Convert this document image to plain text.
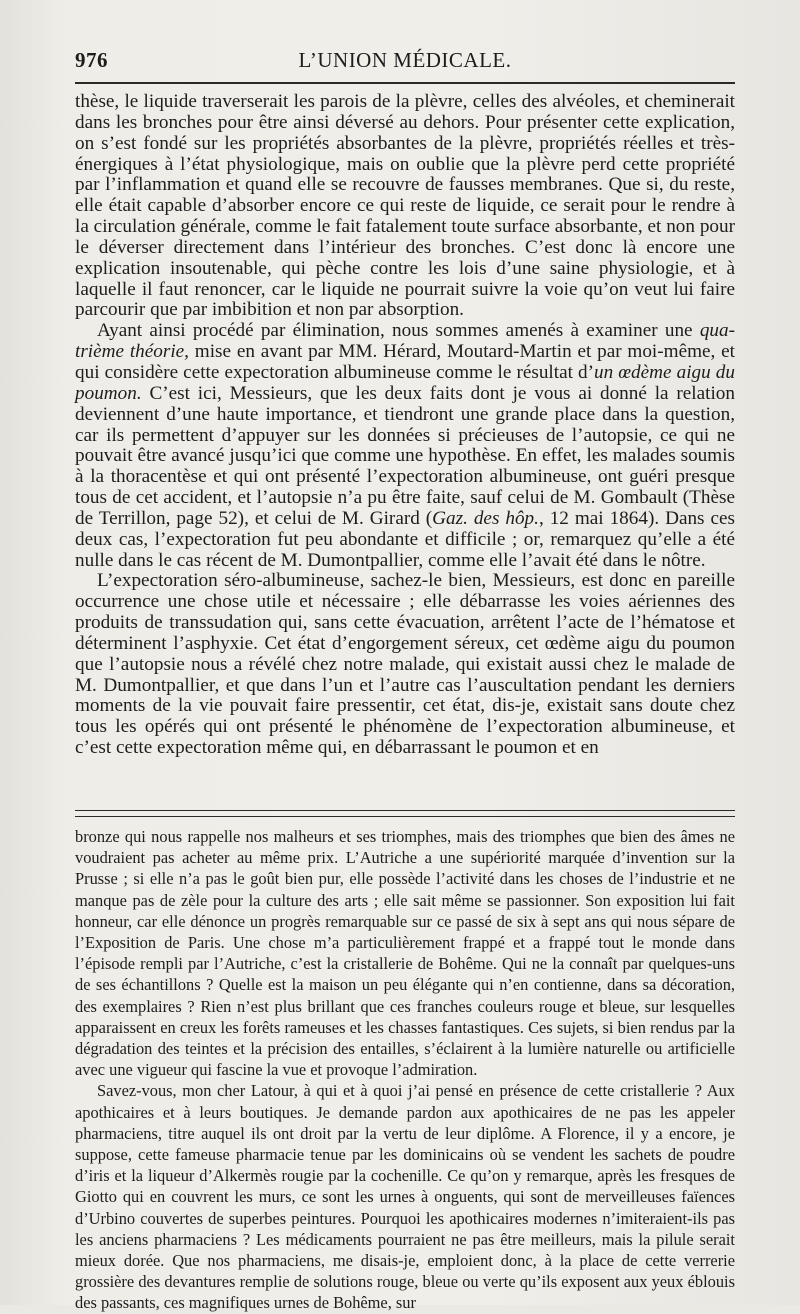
976	L’UNION MÉDICALE.

thèse, le liquide traverserait les parois de la plèvre, celles des alvéoles, et cheminerait dans les bronches pour être ainsi déversé au dehors. Pour présenter cette explication, on s’est fondé sur les propriétés absorbantes de la plèvre, propriétés réelles et très-énergiques à l’état physiologique, mais on oublie que la plèvre perd cette propriété par l’inflammation et quand elle se recouvre de fausses membranes. Que si, du reste, elle était capable d’absorber encore ce qui reste de liquide, ce serait pour le rendre à la circulation générale, comme le fait fatalement toute surface absorbante, et non pour le déverser directement dans l’intérieur des bronches. C’est donc là encore une explication insoutenable, qui pèche contre les lois d’une saine physiologie, et à laquelle il faut renoncer, car le liquide ne pourrait suivre la voie qu’on veut lui faire parcourir que par imbibition et non par absorption.

Ayant ainsi procédé par élimination, nous sommes amenés à examiner une quatrième théorie, mise en avant par MM. Hérard, Moutard-Martin et par moi-même, et qui considère cette expectoration albumineuse comme le résultat d’un œdème aigu du poumon. C’est ici, Messieurs, que les deux faits dont je vous ai donné la relation deviennent d’une haute importance, et tiendront une grande place dans la question, car ils permettent d’appuyer sur les données si précieuses de l’autopsie, ce qui ne pouvait être avancé jusqu’ici que comme une hypothèse. En effet, les malades soumis à la thoracentèse et qui ont présenté l’expectoration albumineuse, ont guéri presque tous de cet accident, et l’autopsie n’a pu être faite, sauf celui de M. Gombault (Thèse de Terrillon, page 52), et celui de M. Girard (Gaz. des hôp., 12 mai 1864). Dans ces deux cas, l’expectoration fut peu abondante et difficile ; or, remarquez qu’elle a été nulle dans le cas récent de M. Dumontpallier, comme elle l’avait été dans le nôtre.

L’expectoration séro-albumineuse, sachez-le bien, Messieurs, est donc en pareille occurrence une chose utile et nécessaire ; elle débarrasse les voies aériennes des produits de transsudation qui, sans cette évacuation, arrêtent l’acte de l’hématose et déterminent l’asphyxie. Cet état d’engorgement séreux, cet œdème aigu du poumon que l’autopsie nous a révélé chez notre malade, qui existait aussi chez le malade de M. Dumontpallier, et que dans l’un et l’autre cas l’auscultation pendant les derniers moments de la vie pouvait faire pressentir, cet état, dis-je, existait sans doute chez tous les opérés qui ont présenté le phénomène de l’expectoration albumineuse, et c’est cette expectoration même qui, en débarrassant le poumon et en

bronze qui nous rappelle nos malheurs et ses triomphes, mais des triomphes que bien des âmes ne voudraient pas acheter au même prix. L’Autriche a une supériorité marquée d’invention sur la Prusse ; si elle n’a pas le goût bien pur, elle possède l’activité dans les choses de l’industrie et ne manque pas de zèle pour la culture des arts ; elle sait même se passionner. Son exposition lui fait honneur, car elle dénonce un progrès remarquable sur ce passé de six à sept ans qui nous sépare de l’Exposition de Paris. Une chose m’a particulièrement frappé et a frappé tout le monde dans l’épisode rempli par l’Autriche, c’est la cristallerie de Bohême. Qui ne la connaît par quelques-uns de ses échantillons ? Quelle est la maison un peu élégante qui n’en contienne, dans sa décoration, des exemplaires ? Rien n’est plus brillant que ces franches couleurs rouge et bleue, sur lesquelles apparaissent en creux les forêts rameuses et les chasses fantastiques. Ces sujets, si bien rendus par la dégradation des teintes et la précision des entailles, s’éclairent à la lumière naturelle ou artificielle avec une vigueur qui fascine la vue et provoque l’admiration.

Savez-vous, mon cher Latour, à qui et à quoi j’ai pensé en présence de cette cristallerie ? Aux apothicaires et à leurs boutiques. Je demande pardon aux apothicaires de ne pas les appeler pharmaciens, titre auquel ils ont droit par la vertu de leur diplôme. A Florence, il y a encore, je suppose, cette fameuse pharmacie tenue par les dominicains où se vendent les sachets de poudre d’iris et la liqueur d’Alkermès rougie par la cochenille. Ce qu’on y remarque, après les fresques de Giotto qui en couvrent les murs, ce sont les urnes à onguents, qui sont de merveilleuses faïences d’Urbino couvertes de superbes peintures. Pourquoi les apothicaires modernes n’imiteraient-ils pas les anciens pharmaciens ? Les médicaments pourraient ne pas être meilleurs, mais la pilule serait mieux dorée. Que nos pharmaciens, me disais-je, emploient donc, à la place de cette verrerie grossière des devantures remplie de solutions rouge, bleue ou verte qu’ils exposent aux yeux éblouis des passants, ces magnifiques urnes de Bohême, sur
